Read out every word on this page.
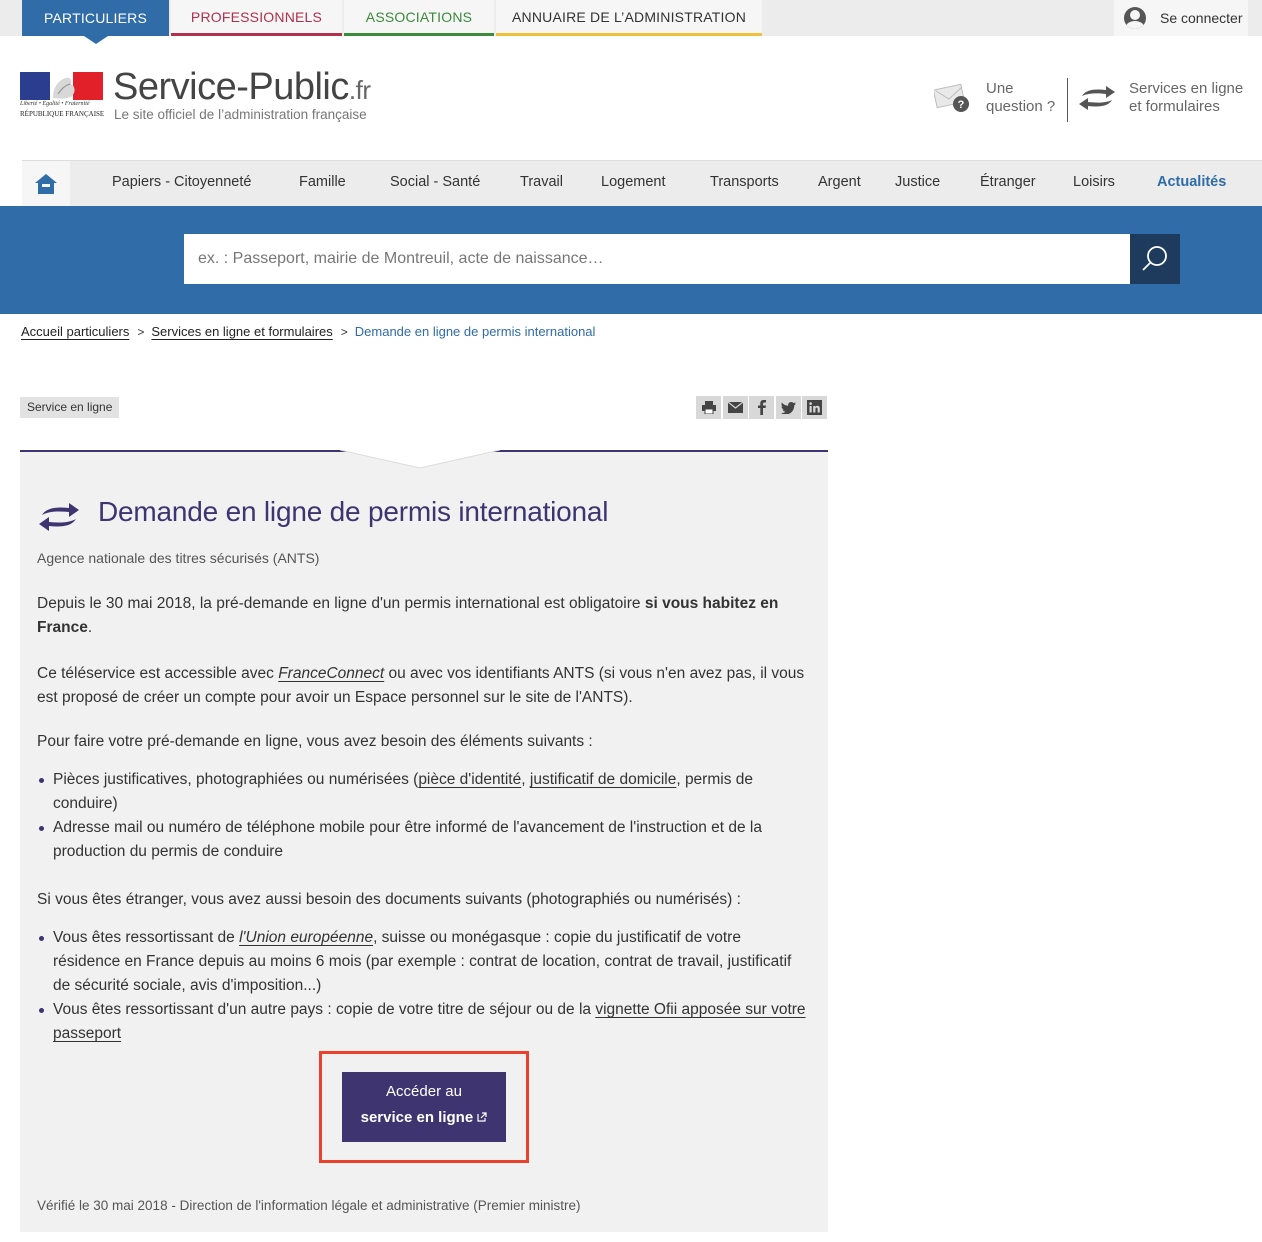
PARTICULIERS	PROFESSIONNELS	ASSOCIATIONS	ANNUAIRE DE L’ADMINISTRATION	Se connecter
Liberté • Égalité • Fraternité
RÉPUBLIQUE FRANÇAISE
Service-Public.fr
Le site officiel de l’administration française
?
Une
question ?
Services en ligne
et formulaires
Papiers - Citoyenneté	Famille	Social - Santé	Travail	Logement	Transports	Argent Justice	Étranger	Loisirs	Actualités
ex. : Passeport, mairie de Montreuil, acte de naissance…
Accueil particuliers > Services en ligne et formulaires > Demande en ligne de permis international
Service en ligne
Demande en ligne de permis international
Agence nationale des titres sécurisés (ANTS)

Depuis le 30 mai 2018, la pré-demande en ligne d'un permis international est obligatoire si vous habitez en France.

Ce téléservice est accessible avec FranceConnect ou avec vos identifiants ANTS (si vous n'en avez pas, il vous est proposé de créer un compte pour avoir un Espace personnel sur le site de l'ANTS).

Pour faire votre pré-demande en ligne, vous avez besoin des éléments suivants :

Pièces justificatives, photographiées ou numérisées (pièce d'identité, justificatif de domicile, permis de conduire)
Adresse mail ou numéro de téléphone mobile pour être informé de l'avancement de l'instruction et de la production du permis de conduire

Si vous êtes étranger, vous avez aussi besoin des documents suivants (photographiés ou numérisés) :

Vous êtes ressortissant de l'Union européenne, suisse ou monégasque : copie du justificatif de votre résidence en France depuis au moins 6 mois (par exemple : contrat de location, contrat de travail, justificatif de sécurité sociale, avis d'imposition...)
Vous êtes ressortissant d'un autre pays : copie de votre titre de séjour ou de la vignette Ofii apposée sur votre passeport
Accéder au
service en ligne
Vérifié le 30 mai 2018 - Direction de l'information légale et administrative (Premier ministre)
